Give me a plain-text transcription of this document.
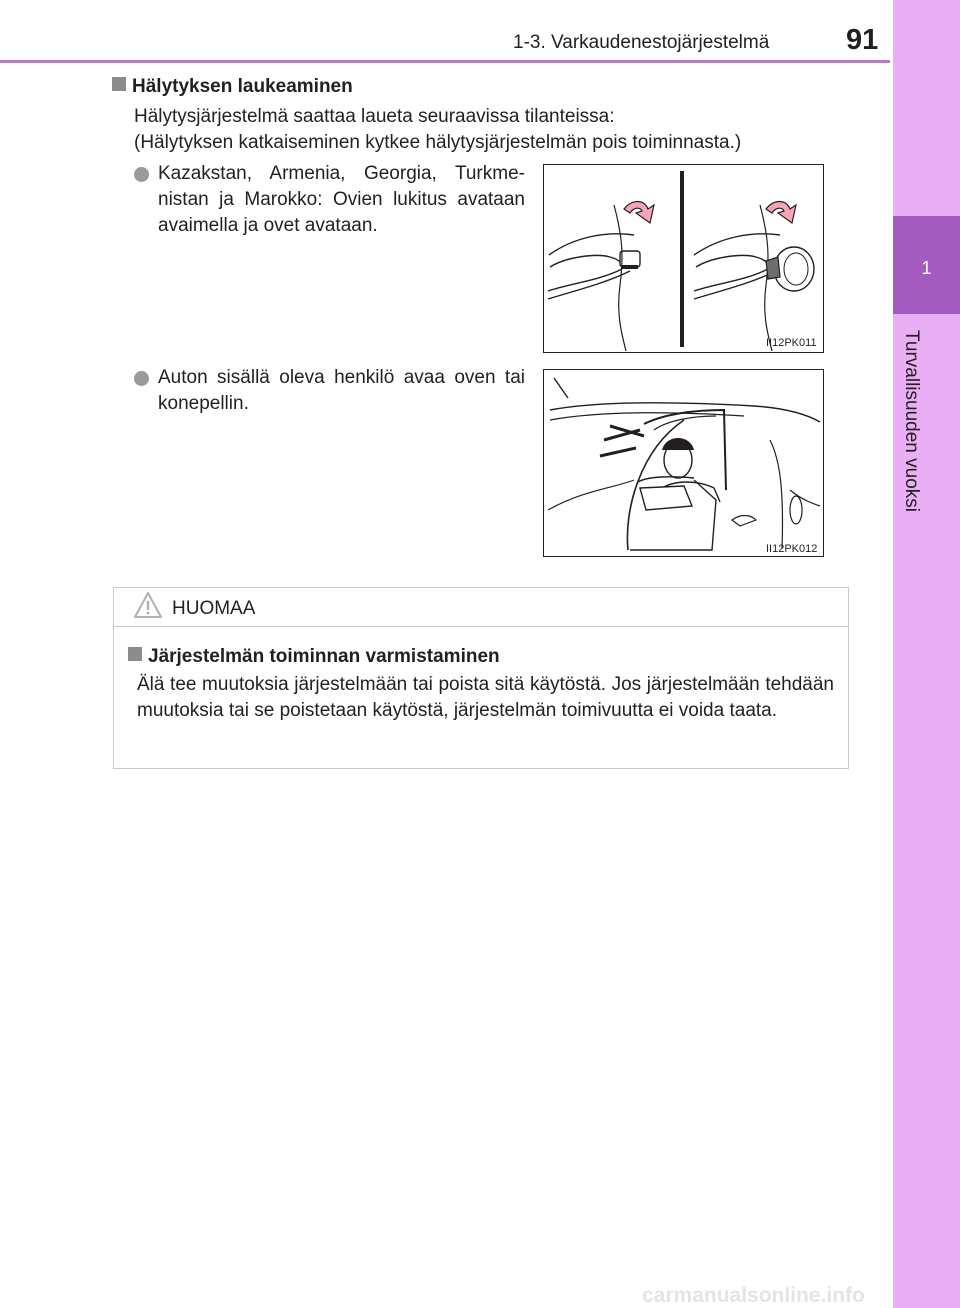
1-3. Varkaudenestojärjestelmä	91
1
Turvallisuuden vuoksi
Hälytyksen laukeaminen
Hälytysjärjestelmä saattaa laueta seuraavissa tilanteissa:
(Hälytyksen katkaiseminen kytkee hälytysjärjestelmän pois toiminnasta.)
Kazakstan, Armenia, Georgia, Turkme- nistan ja Marokko: Ovien lukitus avataan avaimella ja ovet avataan.
II12PK011
Auton sisällä oleva henkilö avaa oven tai konepellin.
II12PK012
HUOMAA
Järjestelmän toiminnan varmistaminen
Älä tee muutoksia järjestelmään tai poista sitä käytöstä. Jos järjestelmään tehdään muutoksia tai se poistetaan käytöstä, järjestelmän toimivuutta ei voida taata.
carmanualsonline.info
